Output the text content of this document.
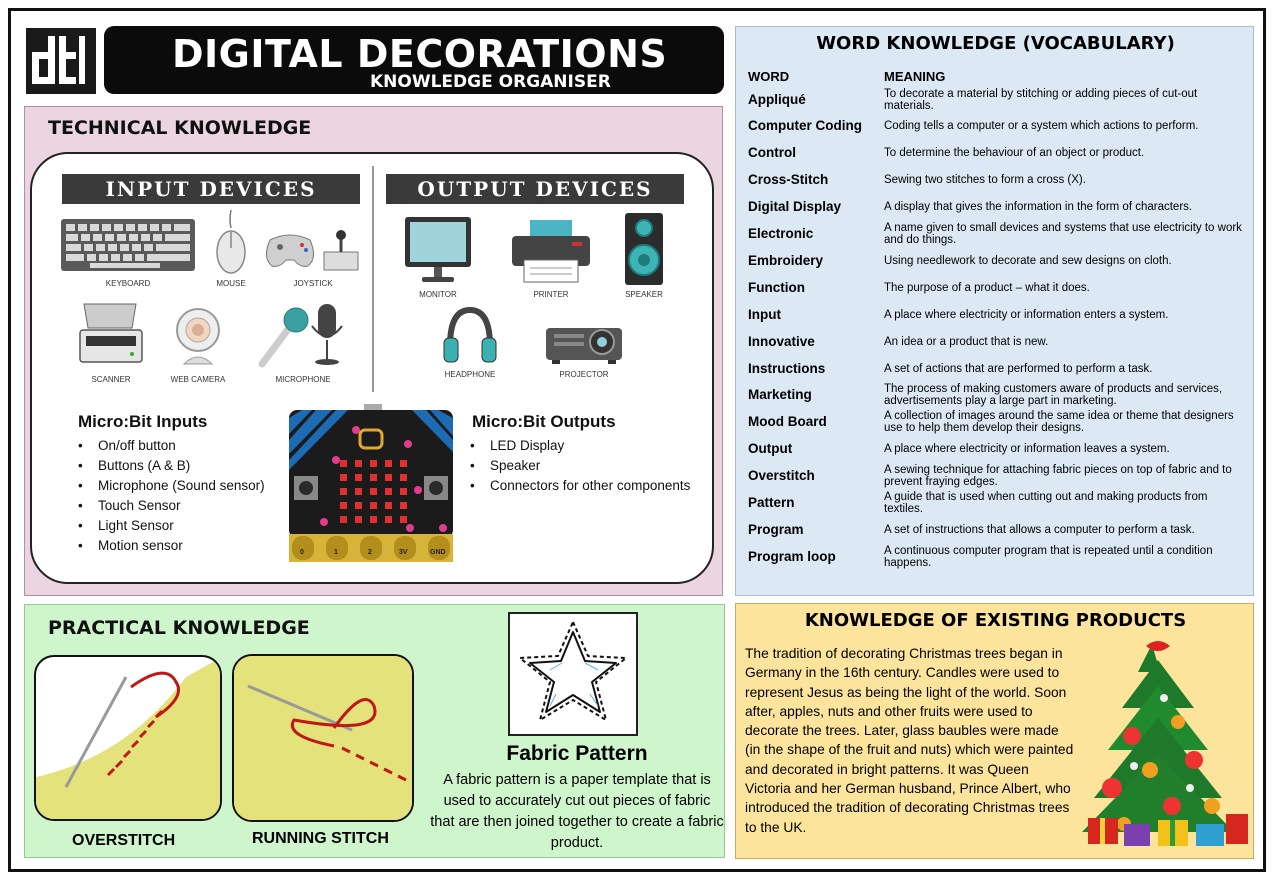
DIGITAL DECORATIONS
KNOWLEDGE ORGANISER
TECHNICAL KNOWLEDGE
INPUT DEVICES	OUTPUT DEVICES
KEYBOARD	MOUSE	JOYSTICK
SCANNER	WEB CAMERA	MICROPHONE
MONITOR	PRINTER	SPEAKER
HEADPHONE	PROJECTOR
Micro:Bit Inputs
• On/off button
• Buttons (A & B)
• Microphone (Sound sensor)
• Touch Sensor
• Light Sensor
• Motion sensor
Micro:Bit Outputs
• LED Display
• Speaker
• Connectors for other components
0	1	2	3V	GND
WORD KNOWLEDGE (VOCABULARY)
WORD	MEANING
Appliqué	To decorate a material by stitching or adding pieces of cut-out materials.
Computer Coding	Coding tells a computer or a system which actions to perform.
Control	To determine the behaviour of an object or product.
Cross-Stitch	Sewing two stitches to form a cross (X).
Digital Display	A display that gives the information in the form of characters.
Electronic	A name given to small devices and systems that use electricity to work and do things.
Embroidery	Using needlework to decorate and sew designs on cloth.
Function	The purpose of a product – what it does.
Input	A place where electricity or information enters a system.
Innovative	An idea or a product that is new.
Instructions	A set of actions that are performed to perform a task.
Marketing	The process of making customers aware of products and services, advertisements play a large part in marketing.
Mood Board	A collection of images around the same idea or theme that designers use to help them develop their designs.
Output	A place where electricity or information leaves a system.
Overstitch	A sewing technique for attaching fabric pieces on top of fabric and to prevent fraying edges.
Pattern	A guide that is used when cutting out and making products from textiles.
Program	A set of instructions that allows a computer to perform a task.
Program loop	A continuous computer program that is repeated until a condition happens.
PRACTICAL KNOWLEDGE
OVERSTITCH	RUNNING STITCH
Fabric Pattern
A fabric pattern is a paper template that is used to accurately cut out pieces of fabric that are then joined together to create a fabric product.
KNOWLEDGE OF EXISTING PRODUCTS
The tradition of decorating Christmas trees began in Germany in the 16th century. Candles were used to represent Jesus as being the light of the world. Soon after, apples, nuts and other fruits were used to decorate the trees. Later, glass baubles were made (in the shape of the fruit and nuts) which were painted and decorated in bright patterns. It was Queen Victoria and her German husband, Prince Albert, who introduced the tradition of decorating Christmas trees to the UK.
